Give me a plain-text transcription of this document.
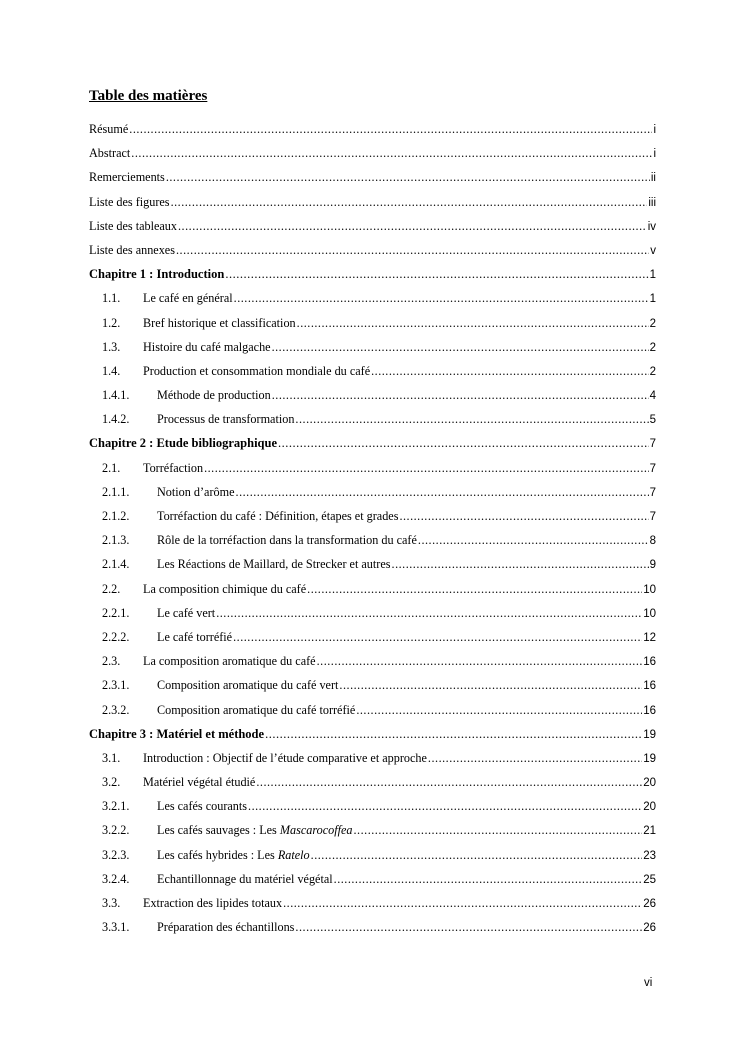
Table des matières
Résumé .....	i
Abstract .....	i
Remerciements .....	ii
Liste des figures .....	iii
Liste des tableaux .....	iv
Liste des annexes .....	v
Chapitre 1 : Introduction .....	1
1.1.	Le café en général .....	1
1.2.	Bref historique et classification .....	2
1.3.	Histoire du café malgache .....	2
1.4.	Production et consommation mondiale du café .....	2
1.4.1.	Méthode de production .....	4
1.4.2.	Processus de transformation .....	5
Chapitre 2 : Etude bibliographique .....	7
2.1.	Torréfaction .....	7
2.1.1.	Notion d’arôme .....	7
2.1.2.	Torréfaction du café : Définition, étapes et grades .....	7
2.1.3.	Rôle de la torréfaction dans la transformation du café .....	8
2.1.4.	Les Réactions de Maillard, de Strecker et autres .....	9
2.2.	La composition chimique du café .....	10
2.2.1.	Le café vert .....	10
2.2.2.	Le café torréfié .....	12
2.3.	La composition aromatique du café .....	16
2.3.1.	Composition aromatique du café vert .....	16
2.3.2.	Composition aromatique du café torréfié .....	16
Chapitre 3 : Matériel et méthode .....	19
3.1.	Introduction : Objectif de l’étude comparative et approche .....	19
3.2.	Matériel végétal étudié .....	20
3.2.1.	Les cafés courants .....	20
3.2.2.	Les cafés sauvages : Les Mascarocoffea .....	21
3.2.3.	Les cafés hybrides : Les Ratelo .....	23
3.2.4.	Echantillonnage du matériel végétal .....	25
3.3.	Extraction des lipides totaux .....	26
3.3.1.	Préparation des échantillons .....	26
vi
